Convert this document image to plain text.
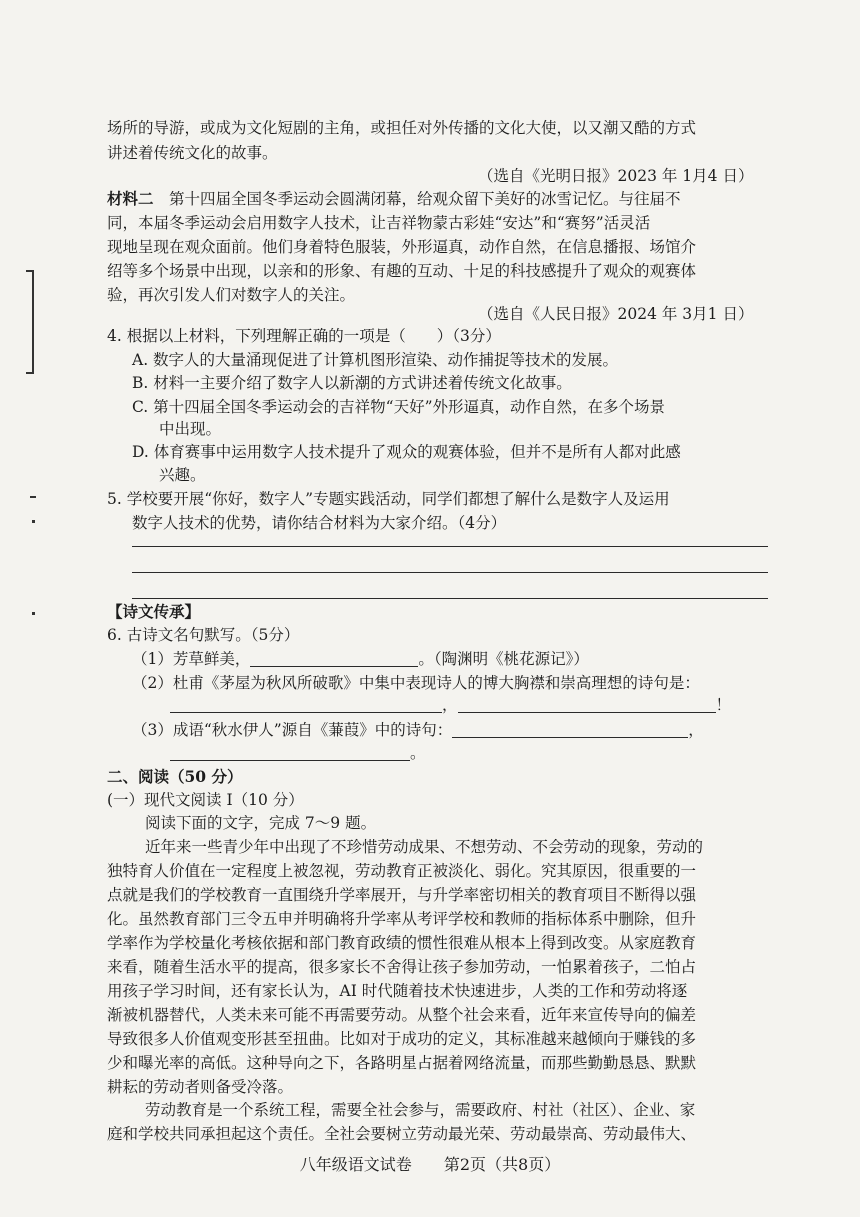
场所的导游，或成为文化短剧的主角，或担任对外传播的文化大使，以又潮又酷的方式
讲述着传统文化的故事。
（选自《光明日报》2023 年 1月4 日）
材料二　 第十四届全国冬季运动会圆满闭幕，给观众留下美好的冰雪记忆。与往届不
同，本届冬季运动会启用数字人技术，让吉祥物蒙古彩娃“安达”和“赛努”活灵活
现地呈现在观众面前。他们身着特色服装，外形逼真，动作自然，在信息播报、场馆介
绍等多个场景中出现，以亲和的形象、有趣的互动、十足的科技感提升了观众的观赛体
验，再次引发人们对数字人的关注。
（选自《人民日报》2024 年 3月1 日）
4. 根据以上材料，下列理解正确的一项是（　　）（3分）
A. 数字人的大量涌现促进了计算机图形渲染、动作捕捉等技术的发展。
B. 材料一主要介绍了数字人以新潮的方式讲述着传统文化故事。
C. 第十四届全国冬季运动会的吉祥物“天好”外形逼真，动作自然，在多个场景
中出现。
D. 体育赛事中运用数字人技术提升了观众的观赛体验，但并不是所有人都对此感
兴趣。
5. 学校要开展“你好，数字人”专题实践活动，同学们都想了解什么是数字人及运用
数字人技术的优势，请你结合材料为大家介绍。（4分）
【诗文传承】
6. 古诗文名句默写。（5分）
（1）芳草鲜美，	。（陶渊明《桃花源记》）
（2）杜甫《茅屋为秋风所破歌》中集中表现诗人的博大胸襟和崇高理想的诗句是：
，	！
（3）成语“秋水伊人”源自《蒹葭》中的诗句：	，
。
二、阅读（50 分）
(一）现代文阅读 Ⅰ（10 分）
阅读下面的文字，完成 7～9 题。
近年来一些青少年中出现了不珍惜劳动成果、不想劳动、不会劳动的现象，劳动的
独特育人价值在一定程度上被忽视，劳动教育正被淡化、弱化。究其原因，很重要的一
点就是我们的学校教育一直围绕升学率展开，与升学率密切相关的教育项目不断得以强
化。虽然教育部门三令五申并明确将升学率从考评学校和教师的指标体系中删除，但升
学率作为学校量化考核依据和部门教育政绩的惯性很难从根本上得到改变。从家庭教育
来看，随着生活水平的提高，很多家长不舍得让孩子参加劳动，一怕累着孩子，二怕占
用孩子学习时间，还有家长认为，AI 时代随着技术快速进步，人类的工作和劳动将逐
渐被机器替代，人类未来可能不再需要劳动。从整个社会来看，近年来宣传导向的偏差
导致很多人价值观变形甚至扭曲。比如对于成功的定义，其标准越来越倾向于赚钱的多
少和曝光率的高低。这种导向之下，各路明星占据着网络流量，而那些勤勤恳恳、默默
耕耘的劳动者则备受冷落。
劳动教育是一个系统工程，需要全社会参与，需要政府、村社（社区）、企业、家
庭和学校共同承担起这个责任。全社会要树立劳动最光荣、劳动最崇高、劳动最伟大、
八年级语文试卷　　 第2页（共8页）
